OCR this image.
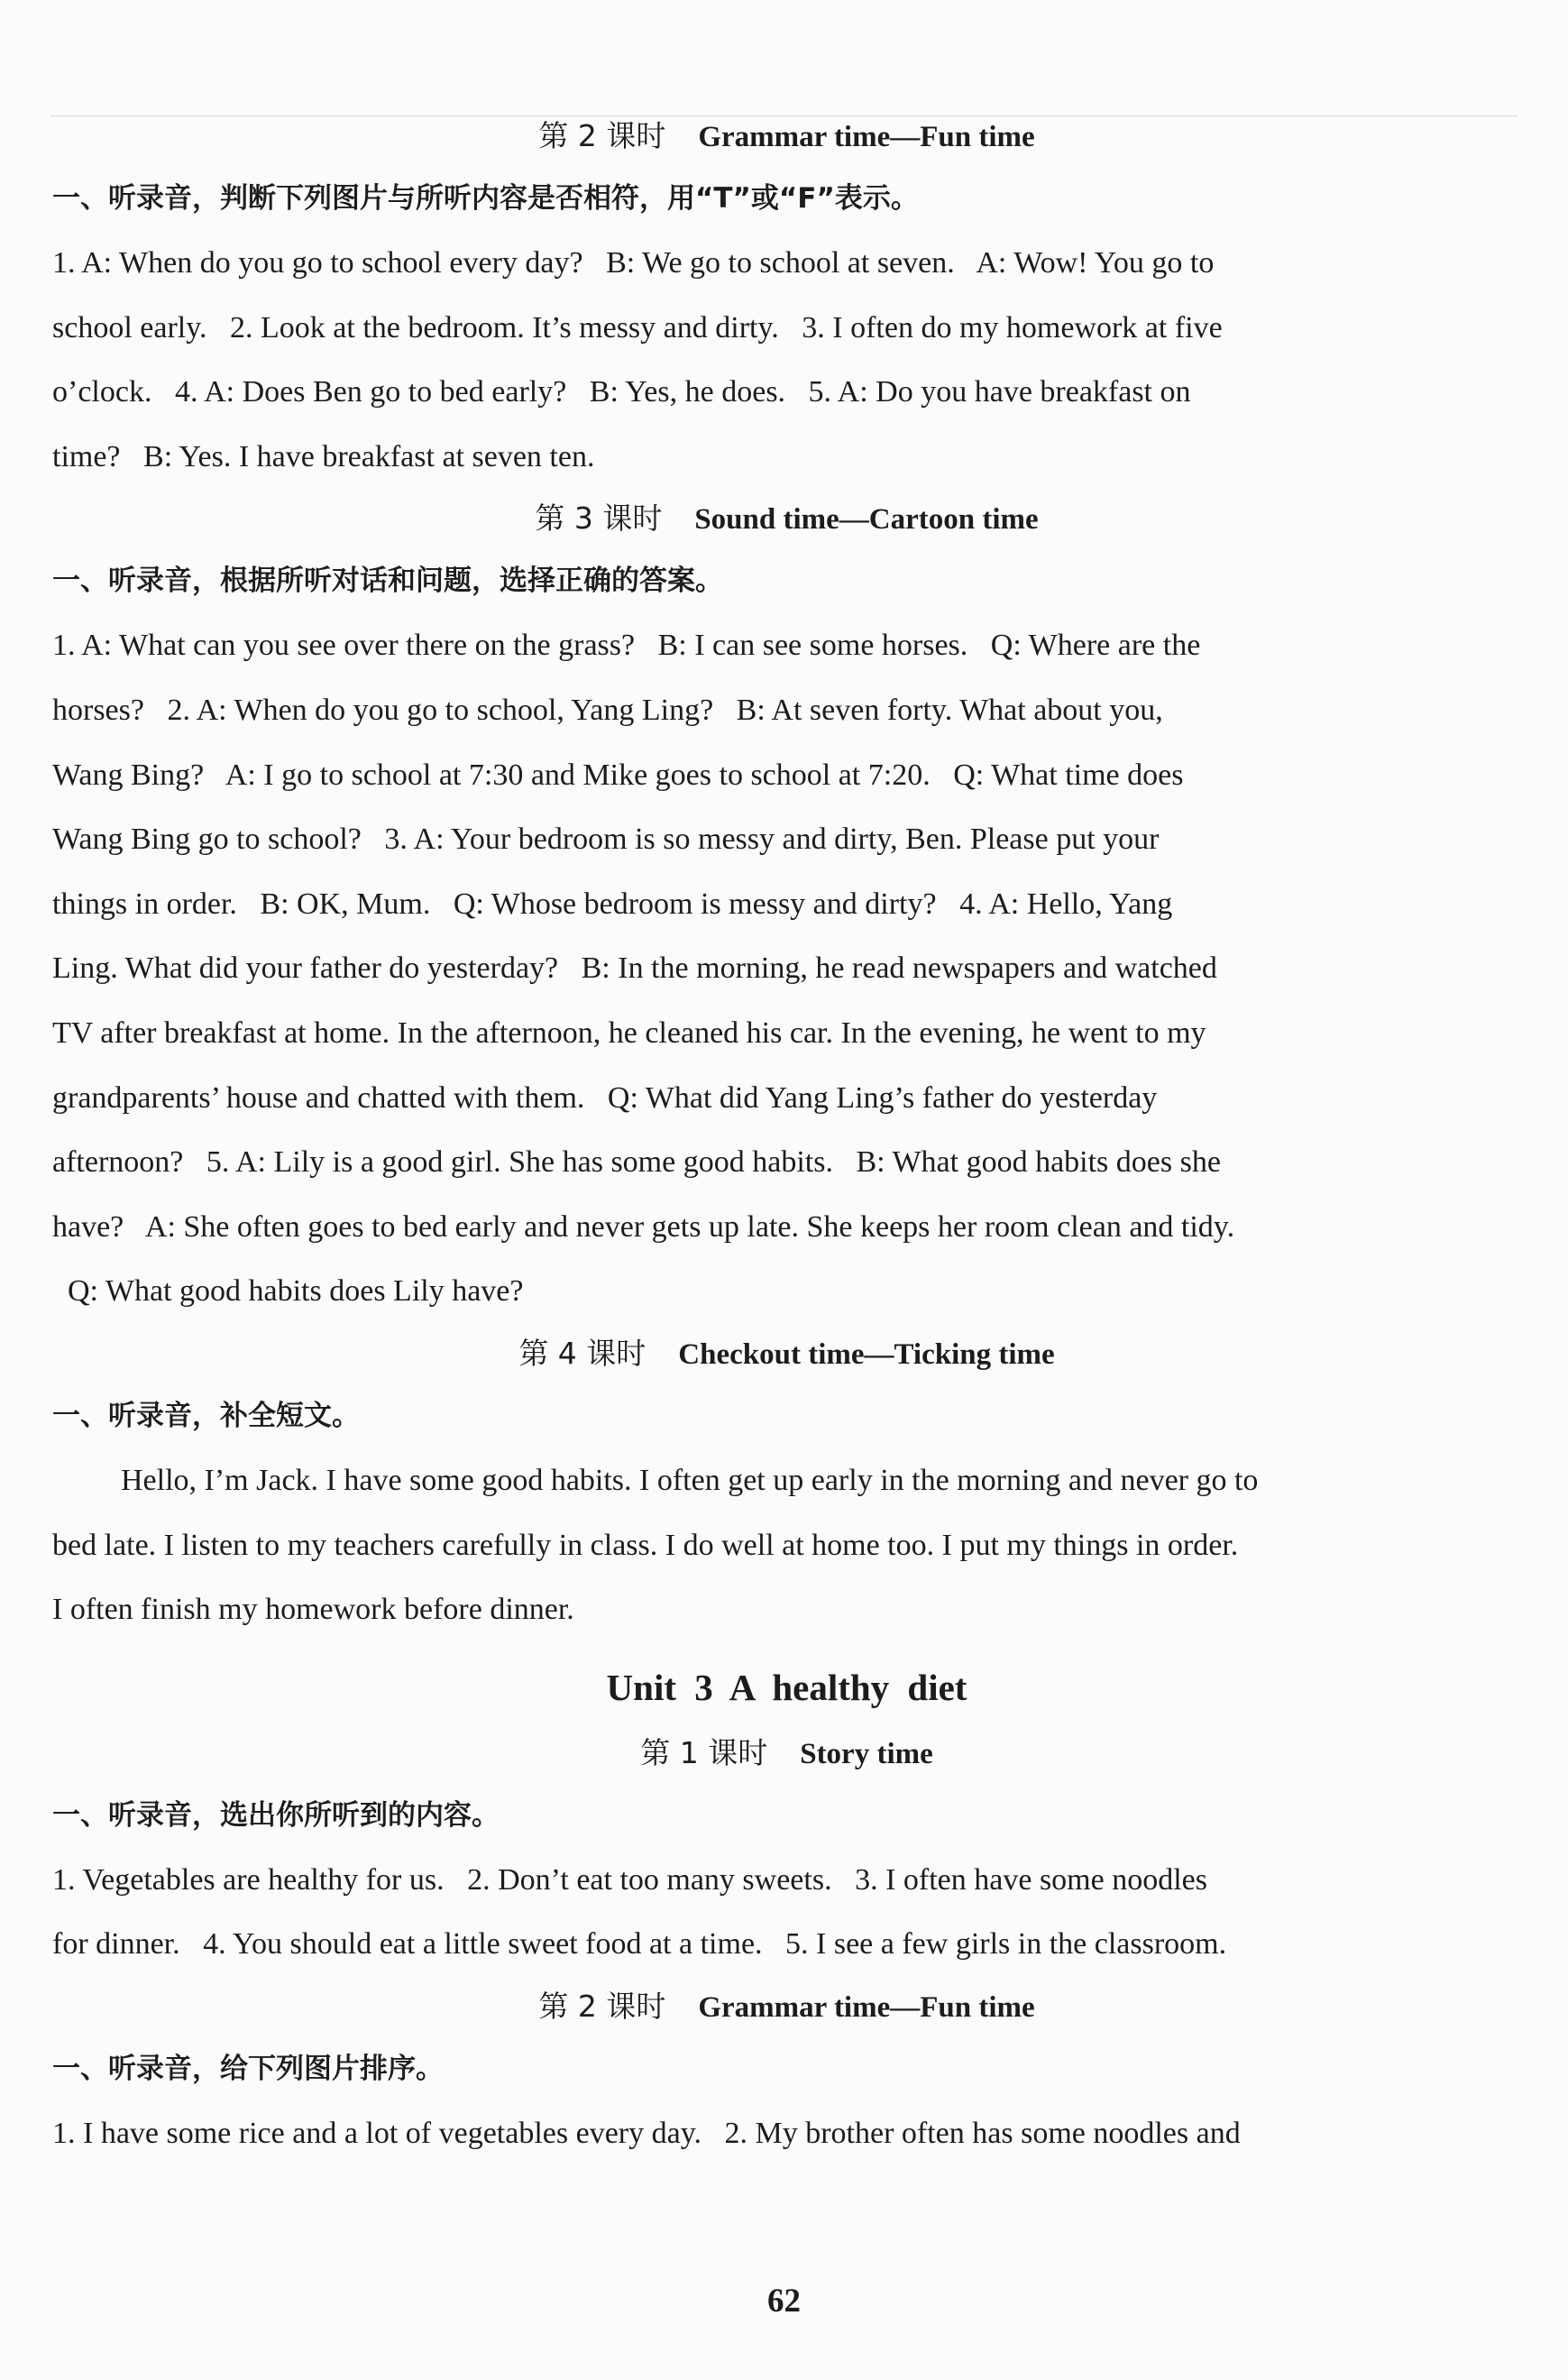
第 2 课时 Grammar time—Fun time
一、听录音，判断下列图片与所听内容是否相符，用“T”或“F”表示。
1. A: When do you go to school every day?   B: We go to school at seven.   A: Wow! You go to
school early.   2. Look at the bedroom. It’s messy and dirty.   3. I often do my homework at five
o’clock.   4. A: Does Ben go to bed early?   B: Yes, he does.   5. A: Do you have breakfast on
time?   B: Yes. I have breakfast at seven ten.
第 3 课时 Sound time—Cartoon time
一、听录音，根据所听对话和问题，选择正确的答案。
1. A: What can you see over there on the grass?   B: I can see some horses.   Q: Where are the
horses?   2. A: When do you go to school, Yang Ling?   B: At seven forty. What about you,
Wang Bing?   A: I go to school at 7:30 and Mike goes to school at 7:20.   Q: What time does
Wang Bing go to school?   3. A: Your bedroom is so messy and dirty, Ben. Please put your
things in order.   B: OK, Mum.   Q: Whose bedroom is messy and dirty?   4. A: Hello, Yang
Ling. What did your father do yesterday?   B: In the morning, he read newspapers and watched
TV after breakfast at home. In the afternoon, he cleaned his car. In the evening, he went to my
grandparents’ house and chatted with them.   Q: What did Yang Ling’s father do yesterday
afternoon?   5. A: Lily is a good girl. She has some good habits.   B: What good habits does she
have?   A: She often goes to bed early and never gets up late. She keeps her room clean and tidy.
Q: What good habits does Lily have?
第 4 课时 Checkout time—Ticking time
一、听录音，补全短文。
Hello, I’m Jack. I have some good habits. I often get up early in the morning and never go to
bed late. I listen to my teachers carefully in class. I do well at home too. I put my things in order.
I often finish my homework before dinner.
Unit 3 A healthy diet
第 1 课时 Story time
一、听录音，选出你所听到的内容。
1. Vegetables are healthy for us.   2. Don’t eat too many sweets.   3. I often have some noodles
for dinner.   4. You should eat a little sweet food at a time.   5. I see a few girls in the classroom.
第 2 课时 Grammar time—Fun time
一、听录音，给下列图片排序。
1. I have some rice and a lot of vegetables every day.   2. My brother often has some noodles and
62
